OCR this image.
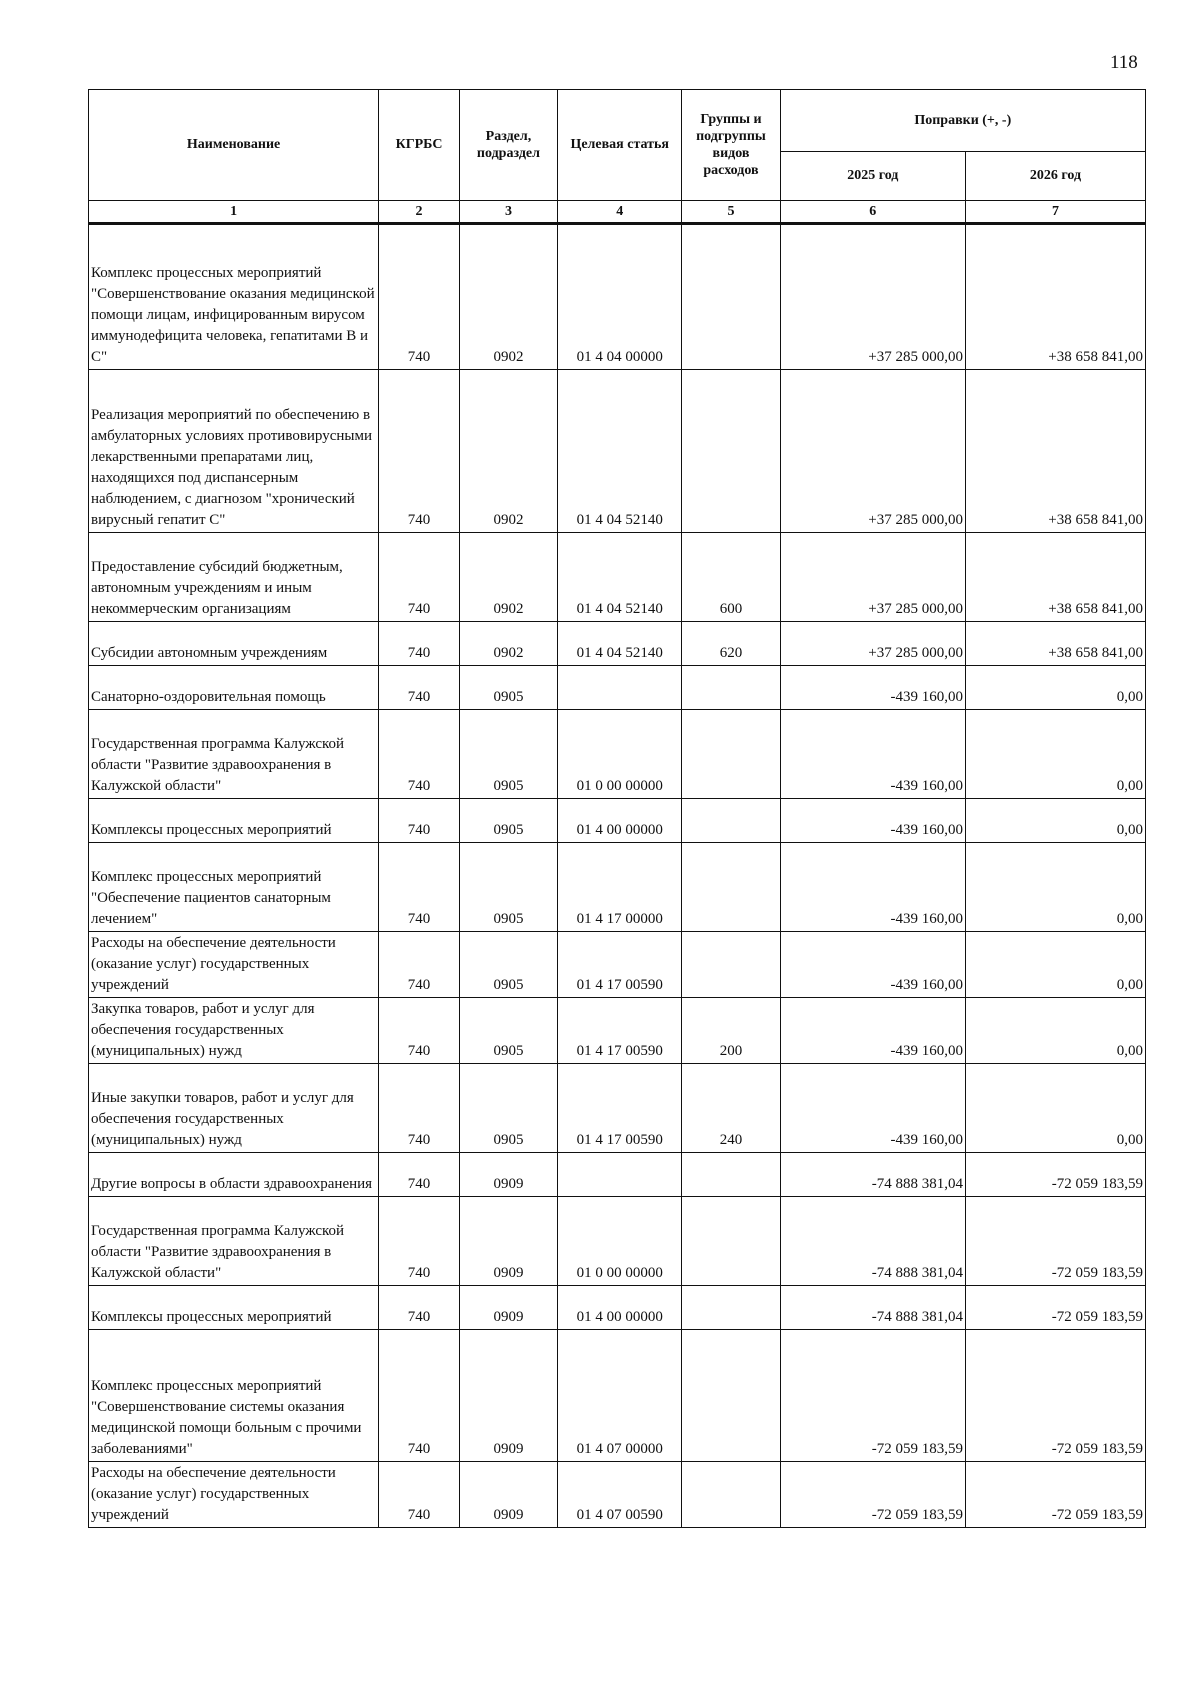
118
Наименование	КГРБС	Раздел, подраздел	Целевая статья	Группы и подгруппы видов расходов	Поправки (+, -)	
					2025 год	2026 год
1	2	3	4	5	6	7
Комплекс процессных мероприятий "Совершенствование оказания медицинской помощи лицам, инфицированным вирусом иммунодефицита человека, гепатитами В и С"	740	0902	01 4 04 00000		+37 285 000,00	+38 658 841,00
Реализация мероприятий по обеспечению в амбулаторных условиях противовирусными лекарственными препаратами лиц, находящихся под диспансерным наблюдением, с диагнозом "хронический вирусный гепатит С"	740	0902	01 4 04 52140		+37 285 000,00	+38 658 841,00
Предоставление субсидий бюджетным, автономным учреждениям и иным некоммерческим организациям	740	0902	01 4 04 52140	600	+37 285 000,00	+38 658 841,00
Субсидии автономным учреждениям	740	0902	01 4 04 52140	620	+37 285 000,00	+38 658 841,00
Санаторно-оздоровительная помощь	740	0905			-439 160,00	0,00
Государственная программа Калужской области "Развитие здравоохранения в Калужской области"	740	0905	01 0 00 00000		-439 160,00	0,00
Комплексы процессных мероприятий	740	0905	01 4 00 00000		-439 160,00	0,00
Комплекс процессных мероприятий "Обеспечение пациентов санаторным лечением"	740	0905	01 4 17 00000		-439 160,00	0,00
Расходы на обеспечение деятельности (оказание услуг) государственных учреждений	740	0905	01 4 17 00590		-439 160,00	0,00
Закупка товаров, работ и услуг для обеспечения государственных (муниципальных) нужд	740	0905	01 4 17 00590	200	-439 160,00	0,00
Иные закупки товаров, работ и услуг для обеспечения государственных (муниципальных) нужд	740	0905	01 4 17 00590	240	-439 160,00	0,00
Другие вопросы в области здравоохранения	740	0909			-74 888 381,04	-72 059 183,59
Государственная программа Калужской области "Развитие здравоохранения в Калужской области"	740	0909	01 0 00 00000		-74 888 381,04	-72 059 183,59
Комплексы процессных мероприятий	740	0909	01 4 00 00000		-74 888 381,04	-72 059 183,59
Комплекс процессных мероприятий "Совершенствование системы оказания медицинской помощи больным с прочими заболеваниями"	740	0909	01 4 07 00000		-72 059 183,59	-72 059 183,59
Расходы на обеспечение деятельности (оказание услуг) государственных учреждений	740	0909	01 4 07 00590		-72 059 183,59	-72 059 183,59
